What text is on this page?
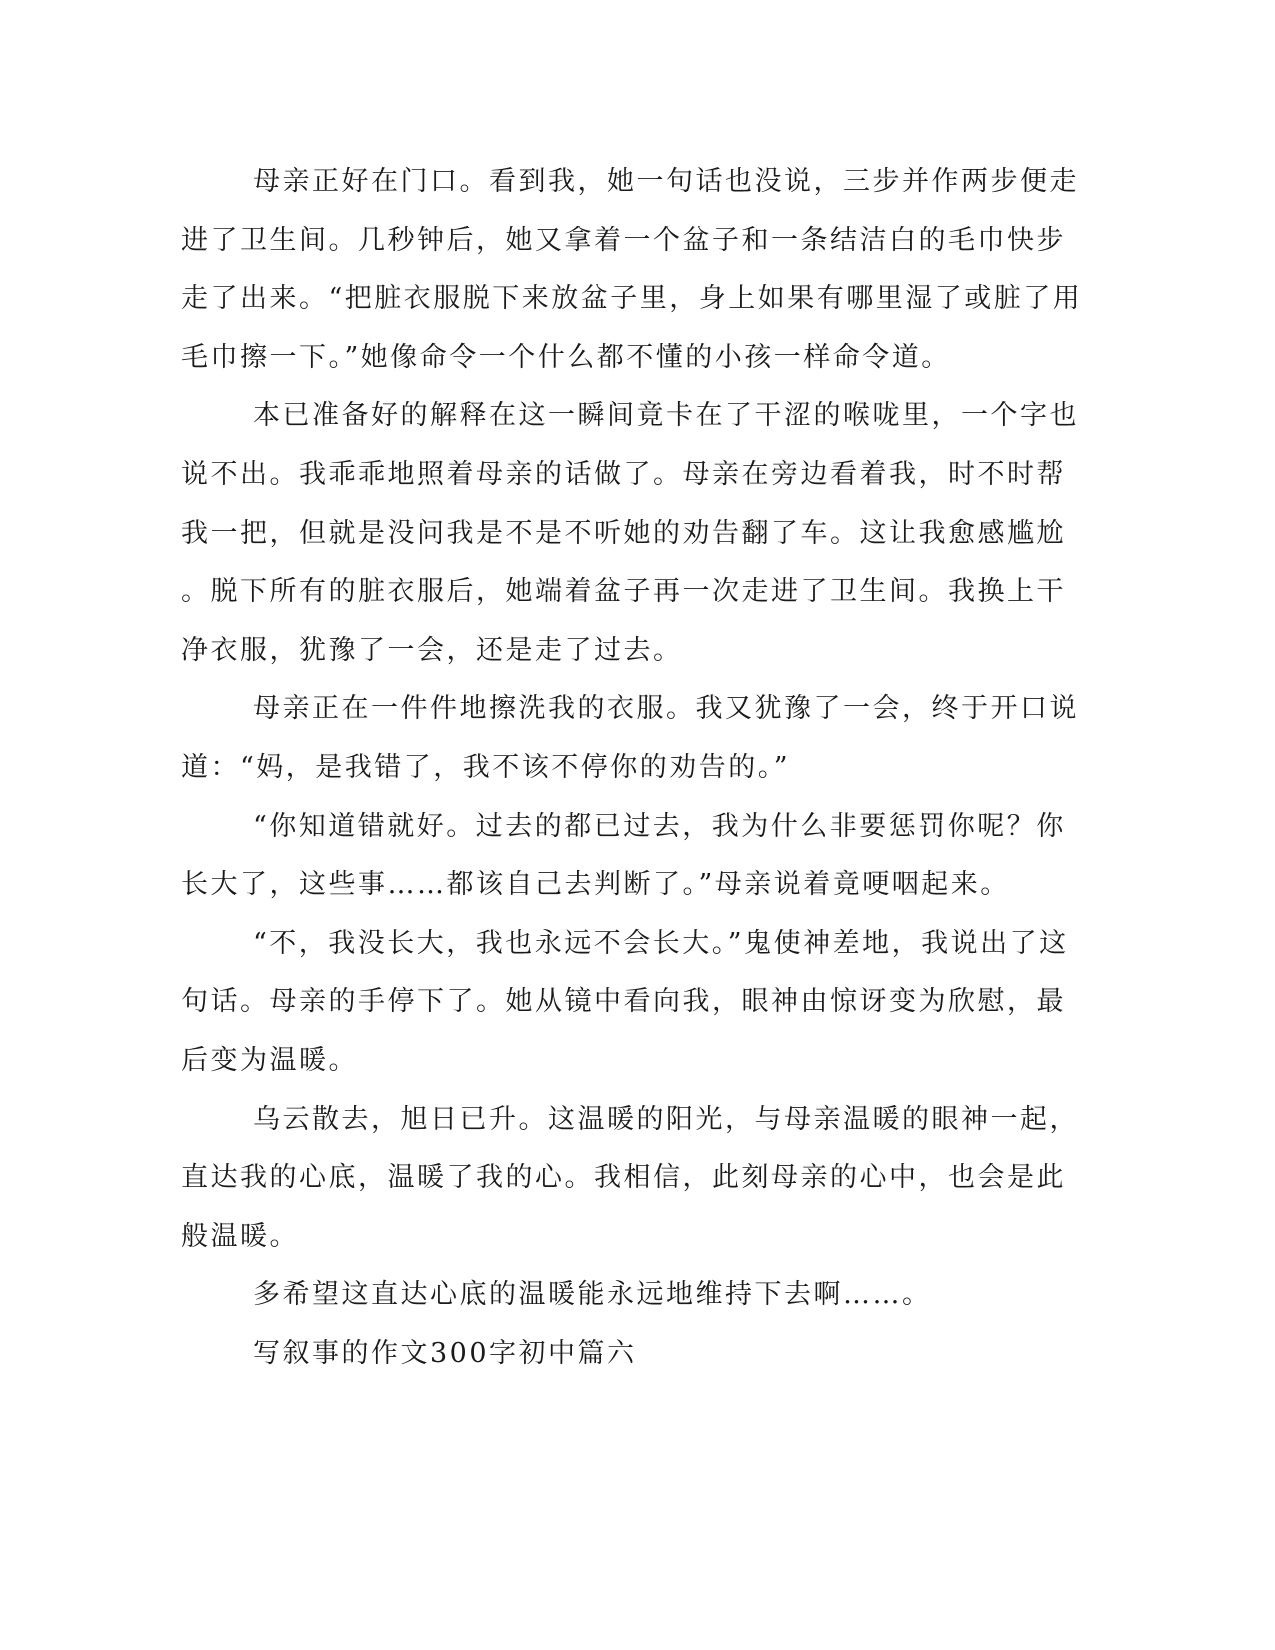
母亲正好在门口。看到我，她一句话也没说，三步并作两步便走
进了卫生间。几秒钟后，她又拿着一个盆子和一条结洁白的毛巾快步
走了出来。“把脏衣服脱下来放盆子里，身上如果有哪里湿了或脏了用
毛巾擦一下。”她像命令一个什么都不懂的小孩一样命令道。
本已准备好的解释在这一瞬间竟卡在了干涩的喉咙里，一个字也
说不出。我乖乖地照着母亲的话做了。母亲在旁边看着我，时不时帮
我一把，但就是没问我是不是不听她的劝告翻了车。这让我愈感尴尬
。脱下所有的脏衣服后，她端着盆子再一次走进了卫生间。我换上干
净衣服，犹豫了一会，还是走了过去。
母亲正在一件件地擦洗我的衣服。我又犹豫了一会，终于开口说
道：“妈，是我错了，我不该不停你的劝告的。”
“你知道错就好。过去的都已过去，我为什么非要惩罚你呢？你
长大了，这些事……都该自己去判断了。”母亲说着竟哽咽起来。
“不，我没长大，我也永远不会长大。”鬼使神差地，我说出了这
句话。母亲的手停下了。她从镜中看向我，眼神由惊讶变为欣慰，最
后变为温暖。
乌云散去，旭日已升。这温暖的阳光，与母亲温暖的眼神一起，
直达我的心底，温暖了我的心。我相信，此刻母亲的心中，也会是此
般温暖。
多希望这直达心底的温暖能永远地维持下去啊……。
写叙事的作文300字初中篇六
